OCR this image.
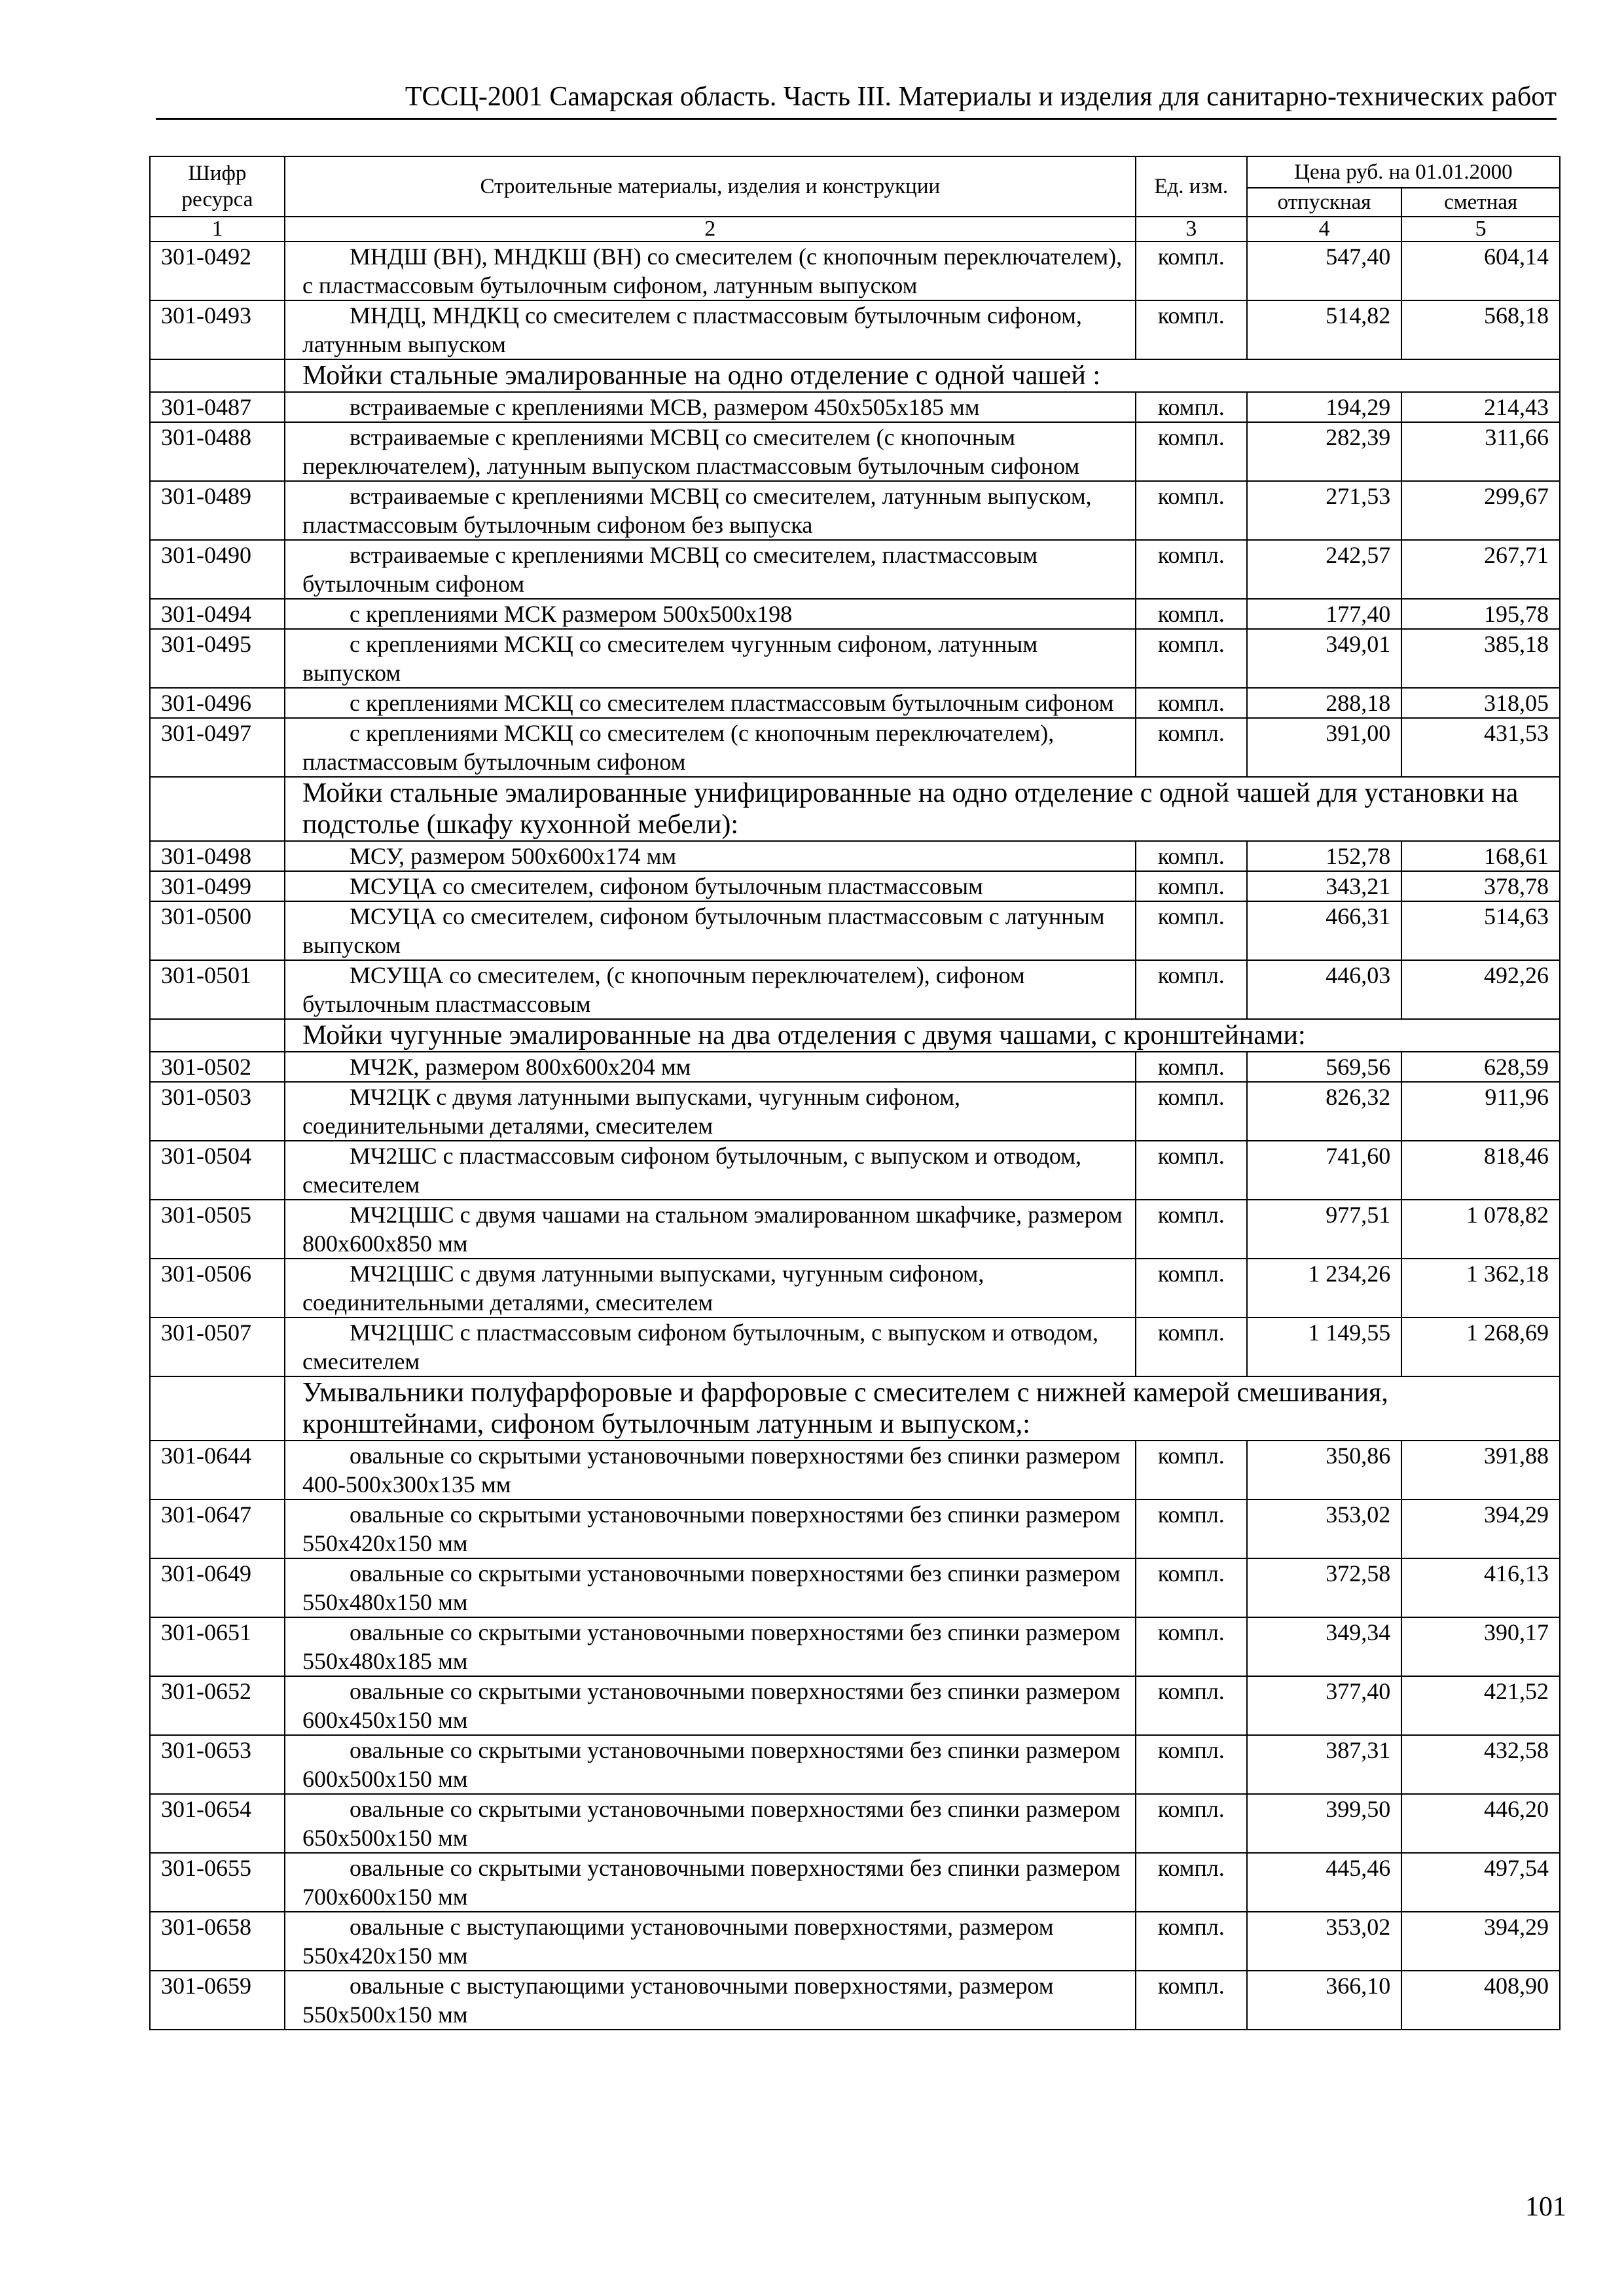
ТССЦ-2001 Самарская область. Часть III. Материалы и изделия для санитарно-технических работ
Шифр ресурса	Строительные материалы, изделия и конструкции	Ед. изм.	Цена руб. на 01.01.2000	
			отпускная	сметная
1	2	3	4	5
301-0492	МНДШ (ВН), МНДКШ (ВН) со смесителем (с кнопочным переключателем), с пластмассовым бутылочным сифоном, латунным выпуском	компл.	547,40	604,14
301-0493	МНДЦ, МНДКЦ со смесителем с пластмассовым бутылочным сифоном, латунным выпуском	компл.	514,82	568,18
	Мойки стальные эмалированные на одно отделение с одной чашей :			
301-0487	встраиваемые с креплениями МСВ, размером 450х505х185 мм	компл.	194,29	214,43
301-0488	встраиваемые с креплениями МСВЦ со смесителем (с кнопочным переключателем), латунным выпуском пластмассовым бутылочным сифоном	компл.	282,39	311,66
301-0489	встраиваемые с креплениями МСВЦ со смесителем, латунным выпуском, пластмассовым бутылочным сифоном без выпуска	компл.	271,53	299,67
301-0490	встраиваемые с креплениями МСВЦ со смесителем, пластмассовым бутылочным сифоном	компл.	242,57	267,71
301-0494	с креплениями МСК размером 500х500х198	компл.	177,40	195,78
301-0495	с креплениями МСКЦ со смесителем чугунным сифоном, латунным выпуском	компл.	349,01	385,18
301-0496	с креплениями МСКЦ со смесителем пластмассовым бутылочным сифоном	компл.	288,18	318,05
301-0497	с креплениями МСКЦ со смесителем (с кнопочным переключателем), пластмассовым бутылочным сифоном	компл.	391,00	431,53
	Мойки стальные эмалированные унифицированные на одно отделение с одной чашей для установки на подстолье (шкафу кухонной мебели):			
301-0498	МСУ, размером 500х600х174 мм	компл.	152,78	168,61
301-0499	МСУЦА со смесителем, сифоном бутылочным пластмассовым	компл.	343,21	378,78
301-0500	МСУЦА со смесителем, сифоном бутылочным пластмассовым с латунным выпуском	компл.	466,31	514,63
301-0501	МСУЩА со смесителем, (с кнопочным переключателем), сифоном бутылочным пластмассовым	компл.	446,03	492,26
	Мойки чугунные эмалированные на два отделения с двумя чашами, с кронштейнами:			
301-0502	МЧ2К, размером 800х600х204 мм	компл.	569,56	628,59
301-0503	МЧ2ЦК с двумя латунными выпусками, чугунным сифоном, соединительными деталями, смесителем	компл.	826,32	911,96
301-0504	МЧ2ШС с пластмассовым сифоном бутылочным, с выпуском и отводом, смесителем	компл.	741,60	818,46
301-0505	МЧ2ЦШС с двумя чашами на стальном эмалированном шкафчике, размером 800х600х850 мм	компл.	977,51	1 078,82
301-0506	МЧ2ЦШС с двумя латунными выпусками, чугунным сифоном, соединительными деталями, смесителем	компл.	1 234,26	1 362,18
301-0507	МЧ2ЦШС с пластмассовым сифоном бутылочным, с выпуском и отводом, смесителем	компл.	1 149,55	1 268,69
	Умывальники полуфарфоровые и фарфоровые с смесителем с нижней камерой смешивания, кронштейнами, сифоном бутылочным латунным и выпуском,:			
301-0644	овальные со скрытыми установочными поверхностями без спинки размером 400-500х300х135 мм	компл.	350,86	391,88
301-0647	овальные со скрытыми установочными поверхностями без спинки размером 550х420х150 мм	компл.	353,02	394,29
301-0649	овальные со скрытыми установочными поверхностями без спинки размером 550х480х150 мм	компл.	372,58	416,13
301-0651	овальные со скрытыми установочными поверхностями без спинки размером 550х480х185 мм	компл.	349,34	390,17
301-0652	овальные со скрытыми установочными поверхностями без спинки размером 600х450х150 мм	компл.	377,40	421,52
301-0653	овальные со скрытыми установочными поверхностями без спинки размером 600х500х150 мм	компл.	387,31	432,58
301-0654	овальные со скрытыми установочными поверхностями без спинки размером 650х500х150 мм	компл.	399,50	446,20
301-0655	овальные со скрытыми установочными поверхностями без спинки размером 700х600х150 мм	компл.	445,46	497,54
301-0658	овальные с выступающими установочными поверхностями, размером 550х420х150 мм	компл.	353,02	394,29
301-0659	овальные с выступающими установочными поверхностями, размером 550х500х150 мм	компл.	366,10	408,90
101
